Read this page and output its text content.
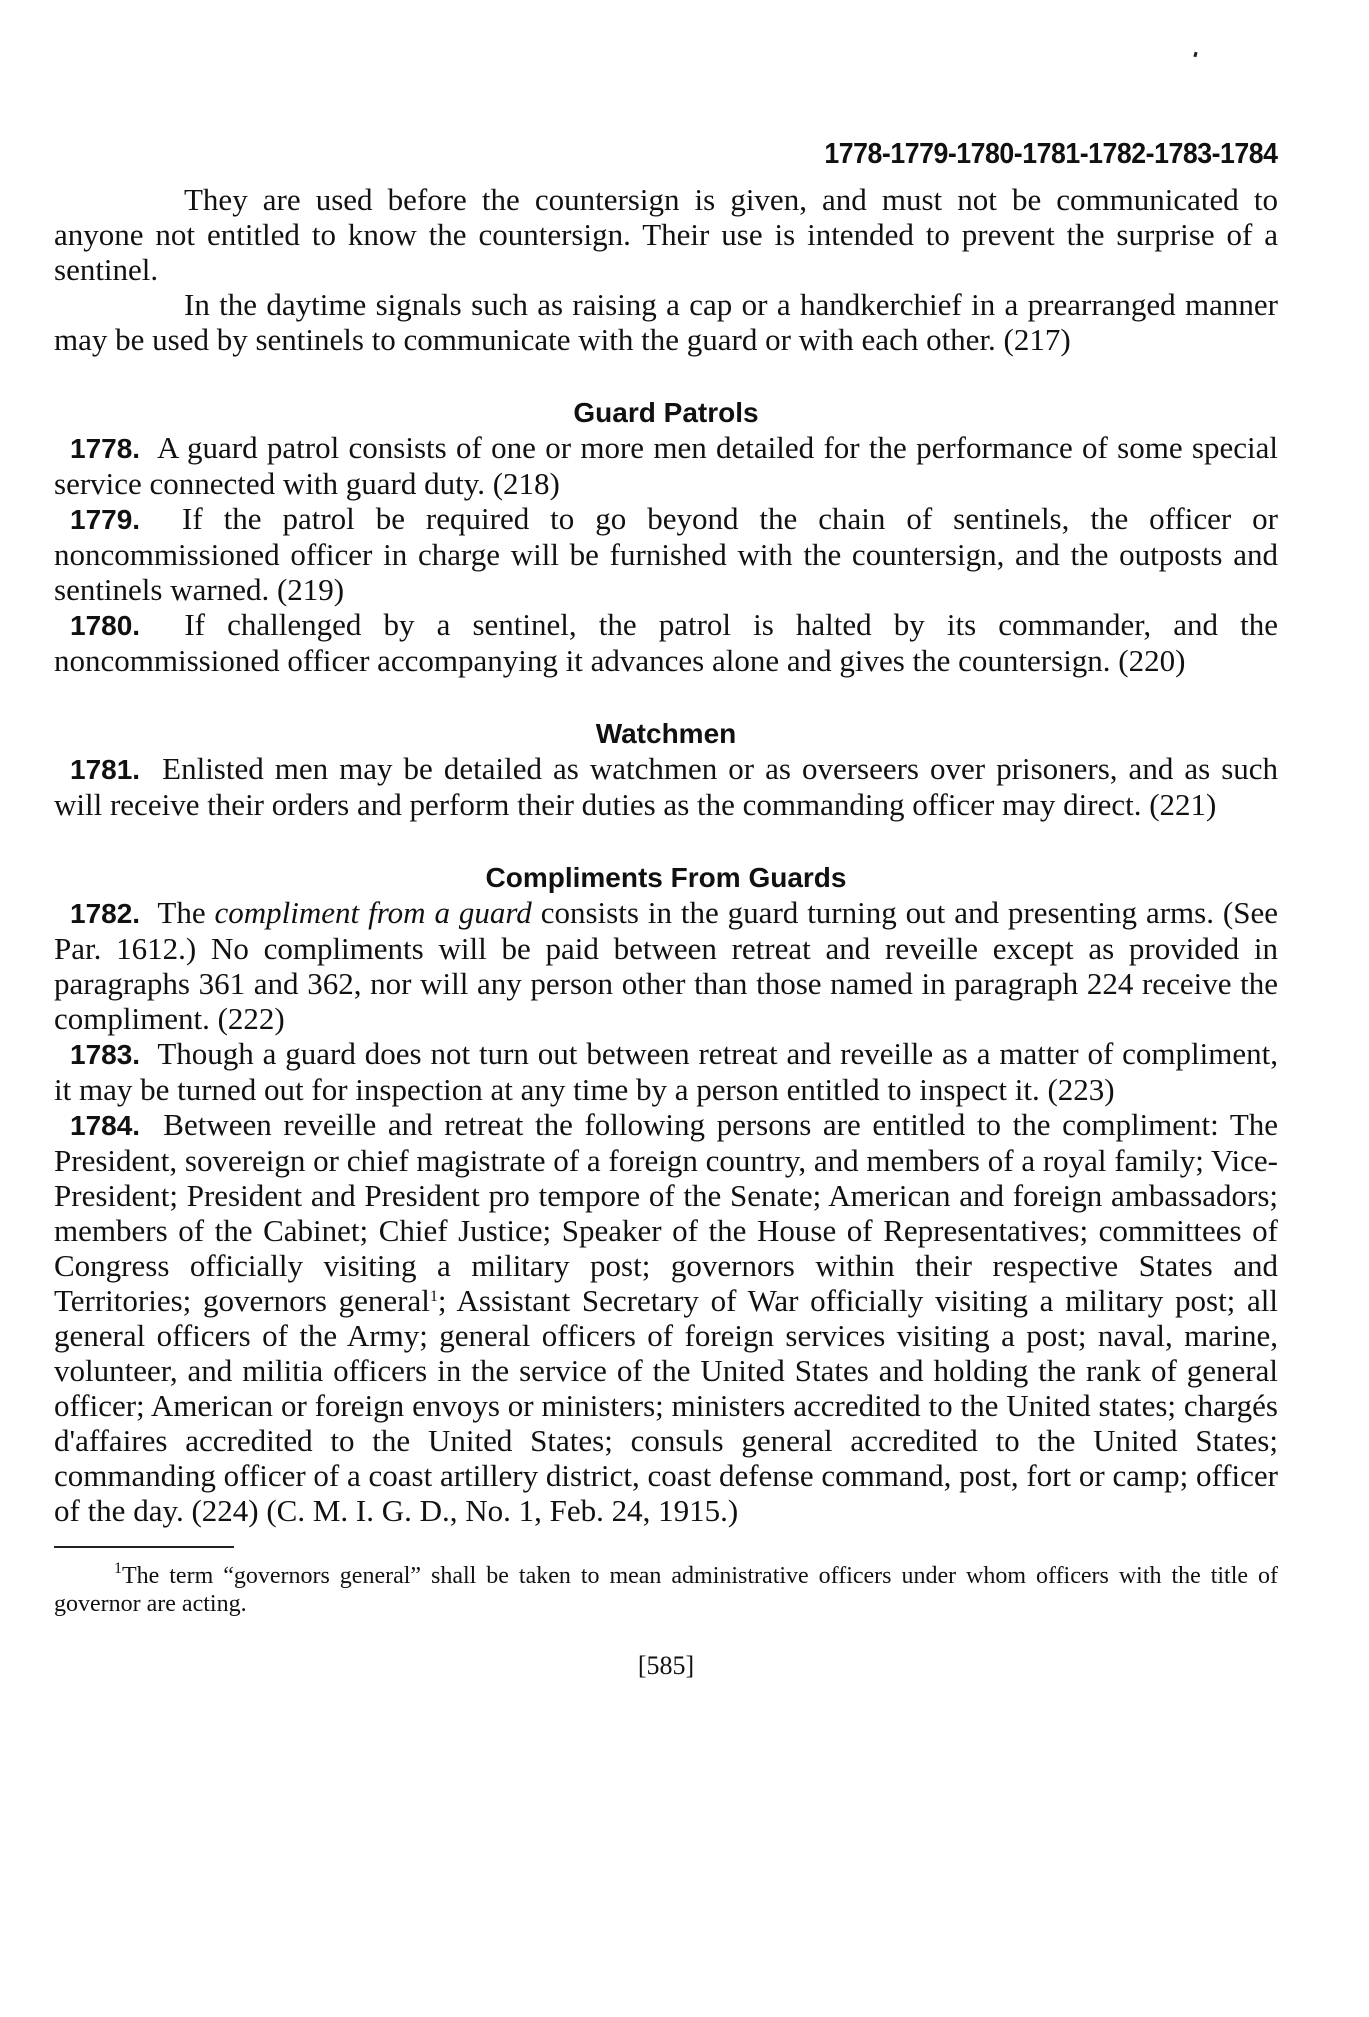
1778-1779-1780-1781-1782-1783-1784

They are used before the countersign is given, and must not be communicated to anyone not entitled to know the countersign. Their use is intended to prevent the surprise of a sentinel.

In the daytime signals such as raising a cap or a handkerchief in a prearranged manner may be used by sentinels to communicate with the guard or with each other. (217)

Guard Patrols

1778. A guard patrol consists of one or more men detailed for the performance of some special service connected with guard duty. (218)

1779. If the patrol be required to go beyond the chain of sentinels, the officer or noncommissioned officer in charge will be furnished with the countersign, and the outposts and sentinels warned. (219)

1780. If challenged by a sentinel, the patrol is halted by its commander, and the noncommissioned officer accompanying it advances alone and gives the countersign. (220)

Watchmen

1781. Enlisted men may be detailed as watchmen or as overseers over prisoners, and as such will receive their orders and perform their duties as the commanding officer may direct. (221)

Compliments From Guards

1782. The compliment from a guard consists in the guard turning out and presenting arms. (See Par. 1612.) No compliments will be paid between retreat and reveille except as provided in paragraphs 361 and 362, nor will any person other than those named in paragraph 224 receive the compliment. (222)

1783. Though a guard does not turn out between retreat and reveille as a matter of compliment, it may be turned out for inspection at any time by a person entitled to inspect it. (223)

1784. Between reveille and retreat the following persons are entitled to the compliment: The President, sovereign or chief magistrate of a foreign country, and members of a royal family; Vice-President; President and President pro tempore of the Senate; American and foreign ambassadors; members of the Cabinet; Chief Justice; Speaker of the House of Representatives; committees of Congress officially visiting a military post; governors within their respective States and Territories; governors general$^1$; Assistant Secretary of War officially visiting a military post; all general officers of the Army; general officers of foreign services visiting a post; naval, marine, volunteer, and militia officers in the service of the United States and holding the rank of general officer; American or foreign envoys or ministers; ministers accredited to the United states; chargés d'affaires accredited to the United States; consuls general accredited to the United States; commanding officer of a coast artillery district, coast defense command, post, fort or camp; officer of the day. (224) (C. M. I. G. D., No. 1, Feb. 24, 1915.)

$^1$The term “governors general” shall be taken to mean administrative officers under whom officers with the title of governor are acting.

[585]
